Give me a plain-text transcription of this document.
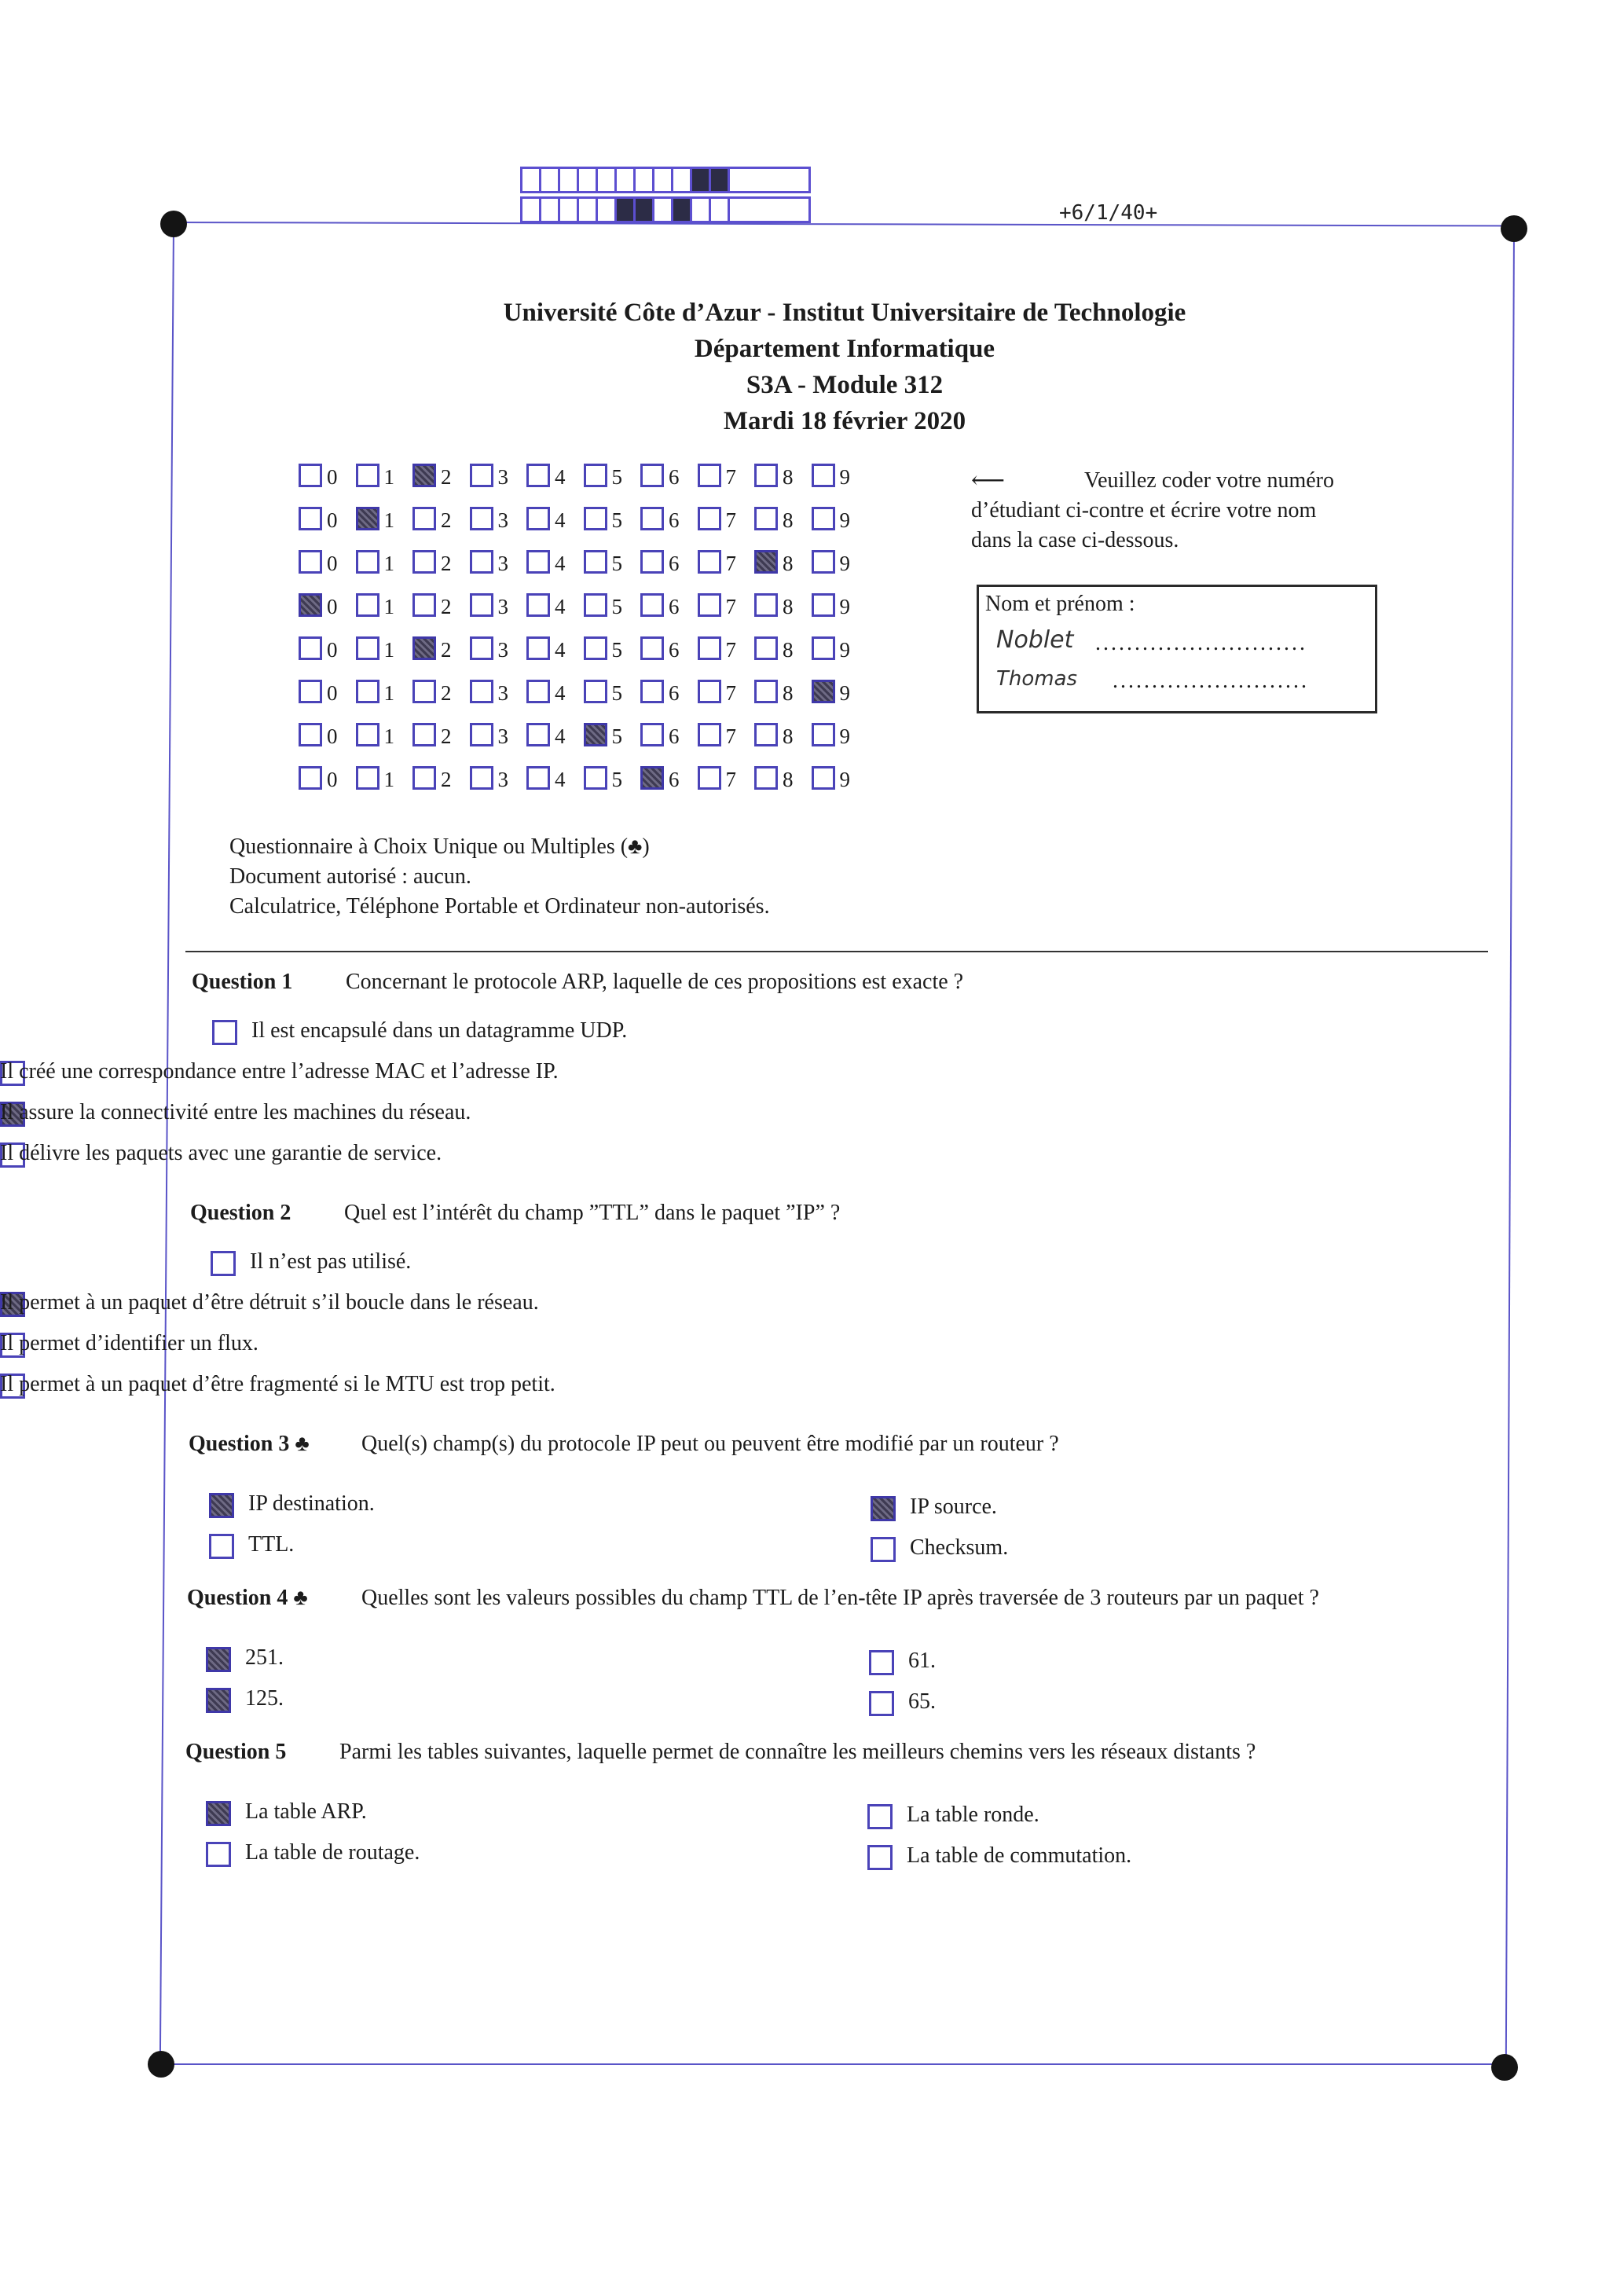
+6/1/40+
Université Côte d’Azur - Institut Universitaire de Technologie
Département Informatique
S3A - Module 312
Mardi 18 février 2020
0 1 2 3 4 5 6 7 8 9
0 1 2 3 4 5 6 7 8 9
0 1 2 3 4 5 6 7 8 9
0 1 2 3 4 5 6 7 8 9
0 1 2 3 4 5 6 7 8 9
0 1 2 3 4 5 6 7 8 9
0 1 2 3 4 5 6 7 8 9
0 1 2 3 4 5 6 7 8 9
⟵	Veuillez coder votre numéro
d’étudiant ci-contre et écrire votre nom
dans la case ci-dessous.
Nom et prénom :
Noblet ...........................
Thomas .........................
Questionnaire à Choix Unique ou Multiples (♣)
Document autorisé : aucun.
Calculatrice, Téléphone Portable et Ordinateur non-autorisés.
Question 1 Concernant le protocole ARP, laquelle de ces propositions est exacte ?
Il est encapsulé dans un datagramme UDP.
Il créé une correspondance entre l’adresse MAC et l’adresse IP.
Il assure la connectivité entre les machines du réseau.
Il délivre les paquets avec une garantie de service.
Question 2 Quel est l’intérêt du champ ”TTL” dans le paquet ”IP” ?
Il n’est pas utilisé.
Il permet à un paquet d’être détruit s’il boucle dans le réseau.
Il permet d’identifier un flux.
Il permet à un paquet d’être fragmenté si le MTU est trop petit.
Question 3 ♣ Quel(s) champ(s) du protocole IP peut ou peuvent être modifié par un routeur ?
IP destination.
TTL.
IP source.
Checksum.
Question 4 ♣ Quelles sont les valeurs possibles du champ TTL de l’en-tête IP après traversée de 3 routeurs par un paquet ?
251.
125.
61.
65.
Question 5 Parmi les tables suivantes, laquelle permet de connaître les meilleurs chemins vers les réseaux distants ?
La table ARP.
La table de routage.
La table ronde.
La table de commutation.
